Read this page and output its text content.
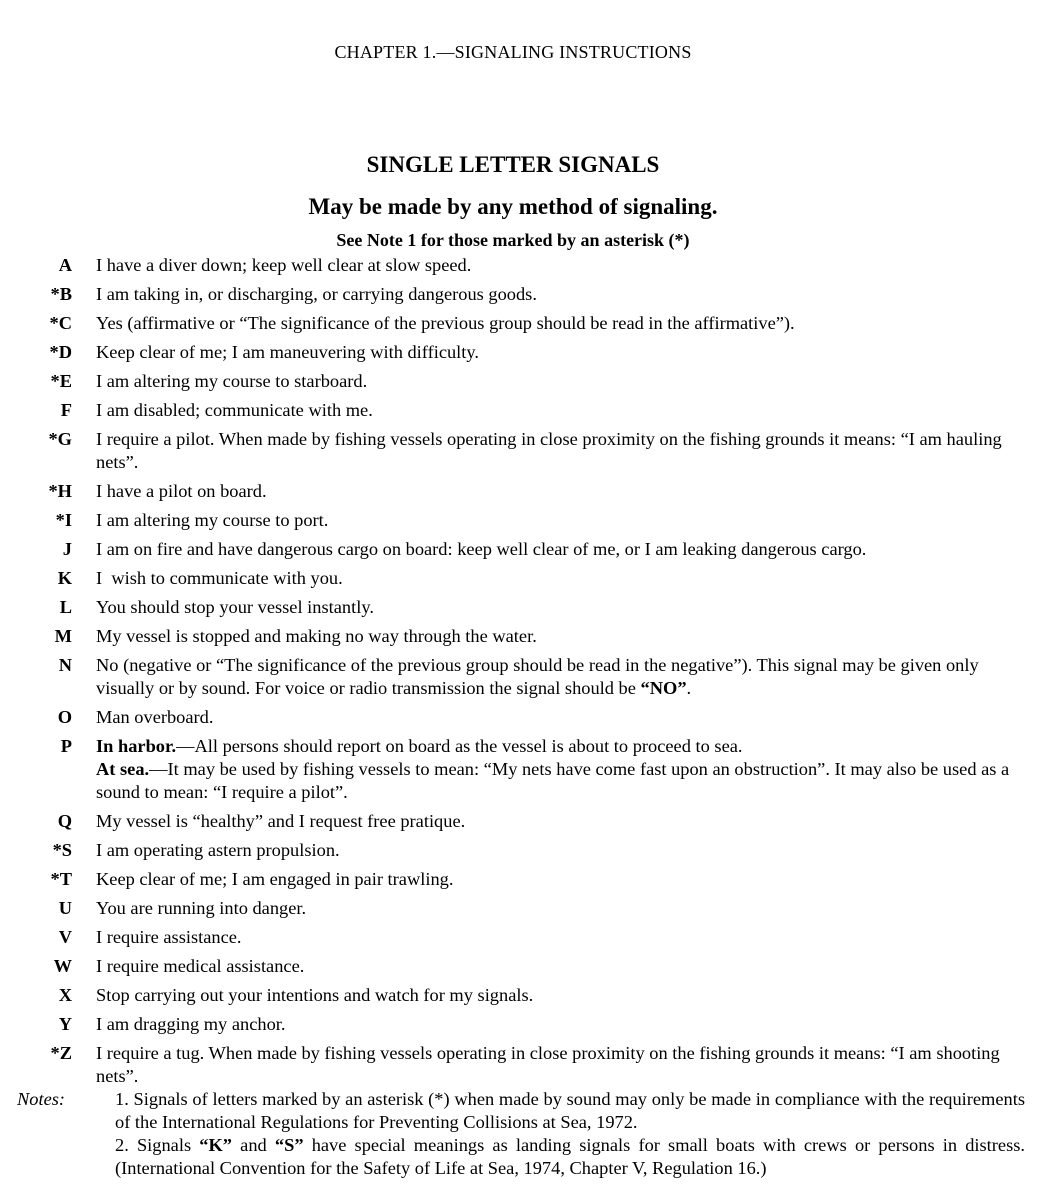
CHAPTER 1.—SIGNALING INSTRUCTIONS
SINGLE LETTER SIGNALS
May be made by any method of signaling.
See Note 1 for those marked by an asterisk (*)
A I have a diver down; keep well clear at slow speed.
*B I am taking in, or discharging, or carrying dangerous goods.
*C Yes (affirmative or “The significance of the previous group should be read in the affirmative”).
*D Keep clear of me; I am maneuvering with difficulty.
*E I am altering my course to starboard.
F I am disabled; communicate with me.
*G I require a pilot. When made by fishing vessels operating in close proximity on the fishing grounds it means: “I am hauling nets”.
*H I have a pilot on board.
*I I am altering my course to port.
J I am on fire and have dangerous cargo on board: keep well clear of me, or I am leaking dangerous cargo.
K I  wish to communicate with you.
L You should stop your vessel instantly.
M My vessel is stopped and making no way through the water.
N No (negative or “The significance of the previous group should be read in the negative”). This signal may be given only visually or by sound. For voice or radio transmission the signal should be “NO”.
O Man overboard.
P In harbor.—All persons should report on board as the vessel is about to proceed to sea.
At sea.—It may be used by fishing vessels to mean: “My nets have come fast upon an obstruction”. It may also be used as a sound to mean: “I require a pilot”.
Q My vessel is “healthy” and I request free pratique.
*S I am operating astern propulsion.
*T Keep clear of me; I am engaged in pair trawling.
U You are running into danger.
V I require assistance.
W I require medical assistance.
X Stop carrying out your intentions and watch for my signals.
Y I am dragging my anchor.
*Z I require a tug. When made by fishing vessels operating in close proximity on the fishing grounds it means: “I am shooting nets”.
Notes:	1. Signals of letters marked by an asterisk (*) when made by sound may only be made in compliance with the requirements of the International Regulations for Preventing Collisions at Sea, 1972.
2. Signals “K” and “S” have special meanings as landing signals for small boats with crews or persons in distress. (International Convention for the Safety of Life at Sea, 1974, Chapter V, Regulation 16.)
